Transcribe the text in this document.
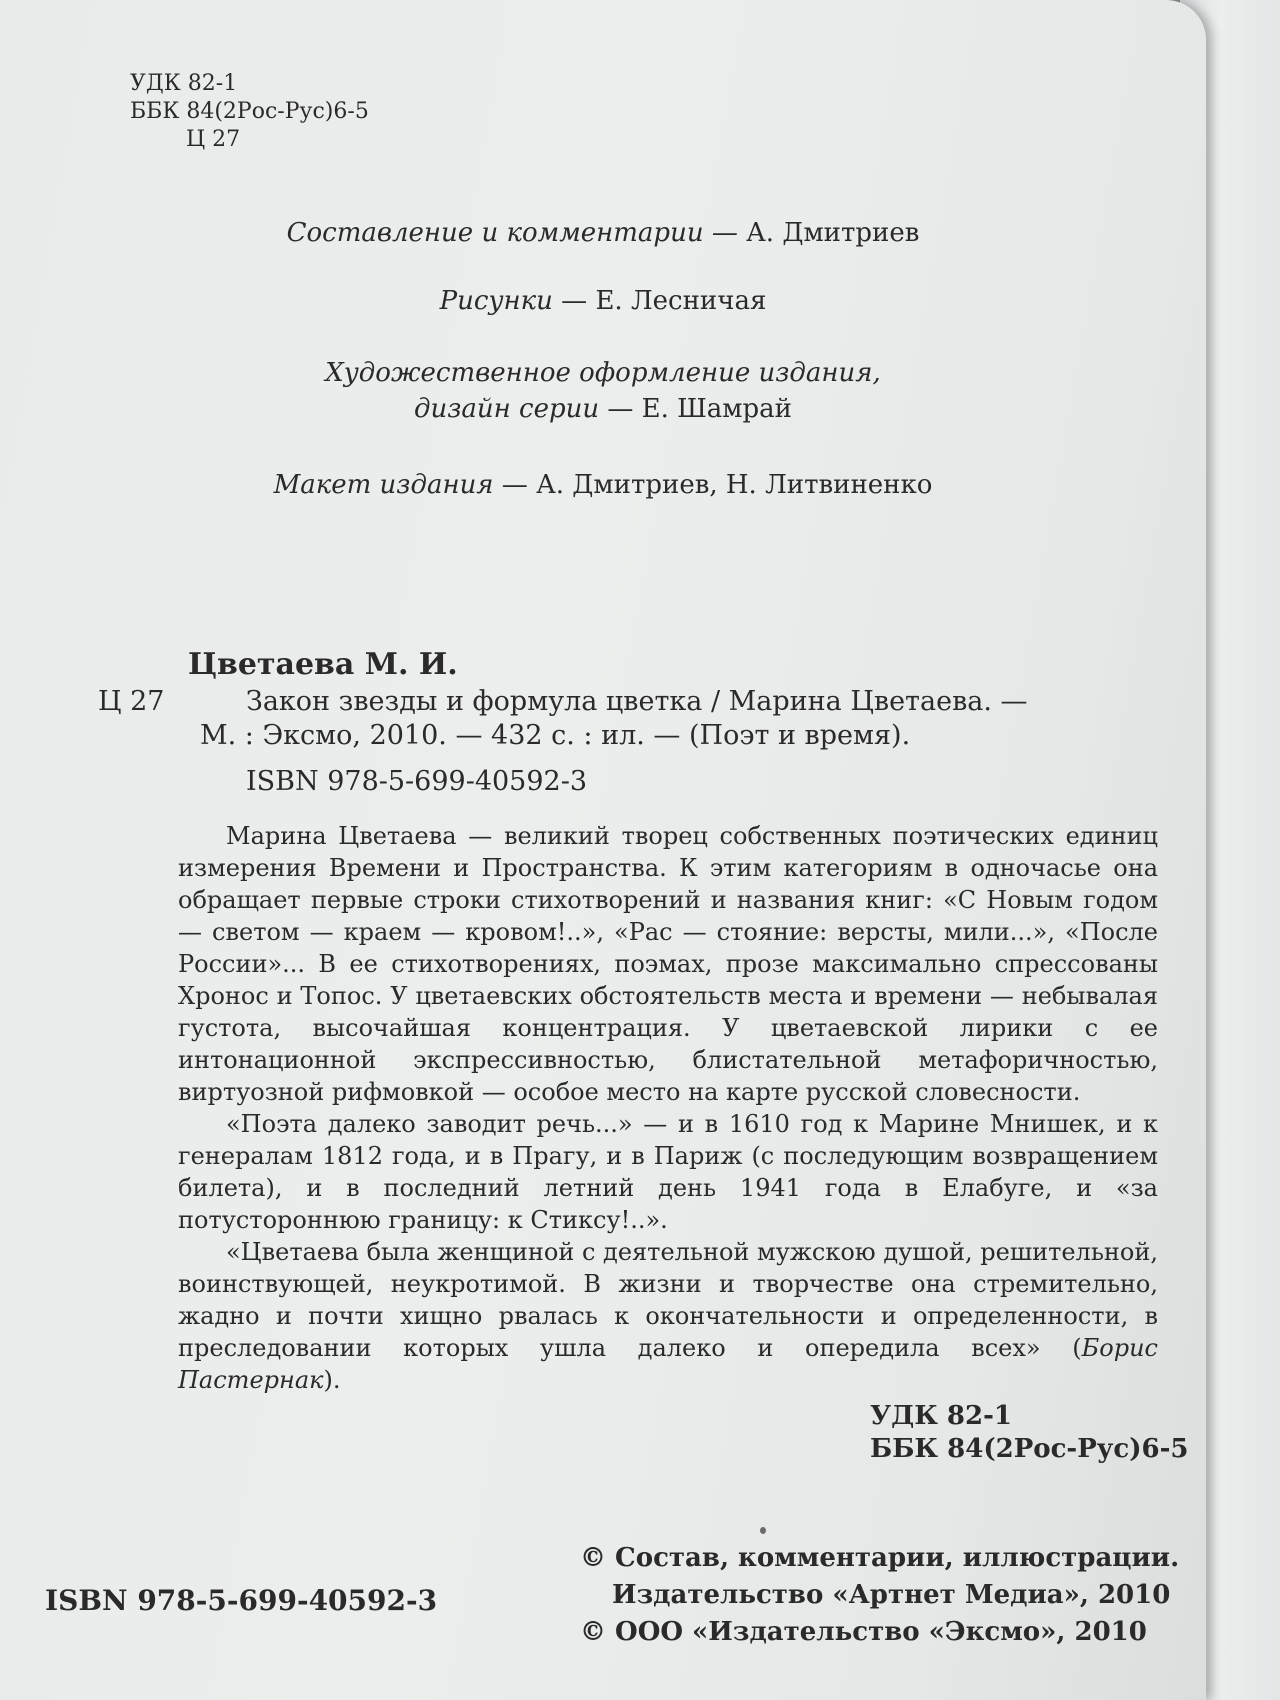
УДК 82-1
ББК 84(2Рос-Рус)6-5
Ц 27
Составление и комментарии — А. Дмитриев
Рисунки — Е. Лесничая
Художественное оформление издания,
дизайн серии — Е. Шамрай
Макет издания — А. Дмитриев, Н. Литвиненко
Цветаева М. И.
Ц 27	Закон звезды и формула цветка / Марина Цветаева. —
М. : Эксмо, 2010. — 432 с. : ил. — (Поэт и время).
ISBN 978-5-699-40592-3

Марина Цветаева — великий творец собственных поэтических единиц измерения Времени и Пространства. К этим категориям в одночасье она обращает первые строки стихотворений и названия книг: «С Новым годом — светом — краем — кровом!..», «Рас — стояние: версты, мили...», «После России»... В ее стихотворениях, поэмах, прозе максимально спрессованы Хронос и Топос. У цветаевских обстоятельств места и времени — небывалая густота, высочайшая концентрация. У цветаевской лирики с ее интонационной экспрессивностью, блистательной метафоричностью, виртуозной рифмовкой — особое место на карте русской словесности.

«Поэта далеко заводит речь...» — и в 1610 год к Марине Мнишек, и к генералам 1812 года, и в Прагу, и в Париж (с последующим возвращением билета), и в последний летний день 1941 года в Елабуге, и «за потустороннюю границу: к Стиксу!..».

«Цветаева была женщиной с деятельной мужскою душой, решительной, воинствующей, неукротимой. В жизни и творчестве она стремительно, жадно и почти хищно рвалась к окончательности и определенности, в преследовании которых ушла далеко и опередила всех» (Борис Пастернак).

УДК 82-1
ББК 84(2Рос-Рус)6-5
© Состав, комментарии, иллюстрации.
Издательство «Артнет Медиа», 2010
© ООО «Издательство «Эксмо», 2010
ISBN 978-5-699-40592-3
